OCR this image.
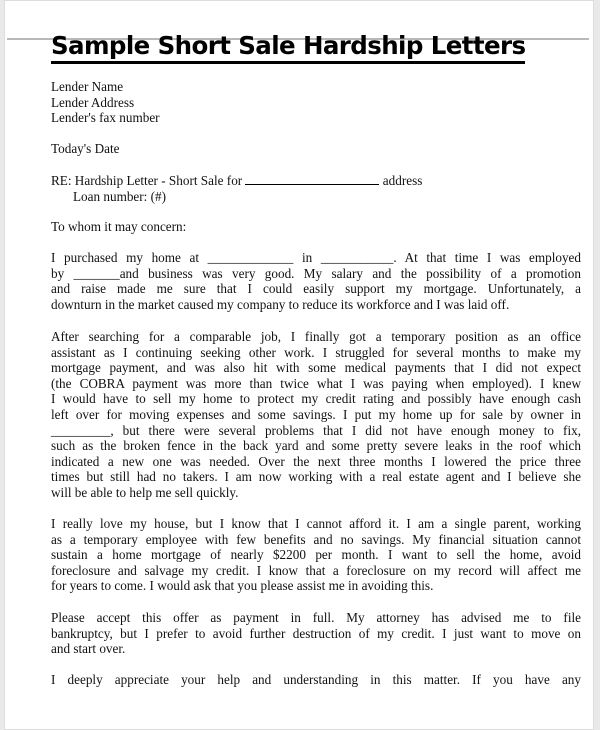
Sample Short Sale Hardship Letters
Lender Name
Lender Address
Lender's fax number
Today's Date
RE: Hardship Letter - Short Sale for	address
Loan number: (#)
To whom it may concern:
I purchased my home at _____________ in ___________. At that time I was employed
by _______and business was very good. My salary and the possibility of a promotion
and raise made me sure that I could easily support my mortgage. Unfortunately, a
downturn in the market caused my company to reduce its workforce and I was laid off.
After searching for a comparable job, I finally got a temporary position as an office
assistant as I continuing seeking other work. I struggled for several months to make my
mortgage payment, and was also hit with some medical payments that I did not expect
(the COBRA payment was more than twice what I was paying when employed). I knew
I would have to sell my home to protect my credit rating and possibly have enough cash
left over for moving expenses and some savings. I put my home up for sale by owner in
_________, but there were several problems that I did not have enough money to fix,
such as the broken fence in the back yard and some pretty severe leaks in the roof which
indicated a new one was needed. Over the next three months I lowered the price three
times but still had no takers. I am now working with a real estate agent and I believe she
will be able to help me sell quickly.
I really love my house, but I know that I cannot afford it. I am a single parent, working
as a temporary employee with few benefits and no savings. My financial situation cannot
sustain a home mortgage of nearly $2200 per month. I want to sell the home, avoid
foreclosure and salvage my credit. I know that a foreclosure on my record will affect me
for years to come. I would ask that you please assist me in avoiding this.
Please accept this offer as payment in full. My attorney has advised me to file
bankruptcy, but I prefer to avoid further destruction of my credit. I just want to move on
and start over.
I deeply appreciate your help and understanding in this matter. If you have any
